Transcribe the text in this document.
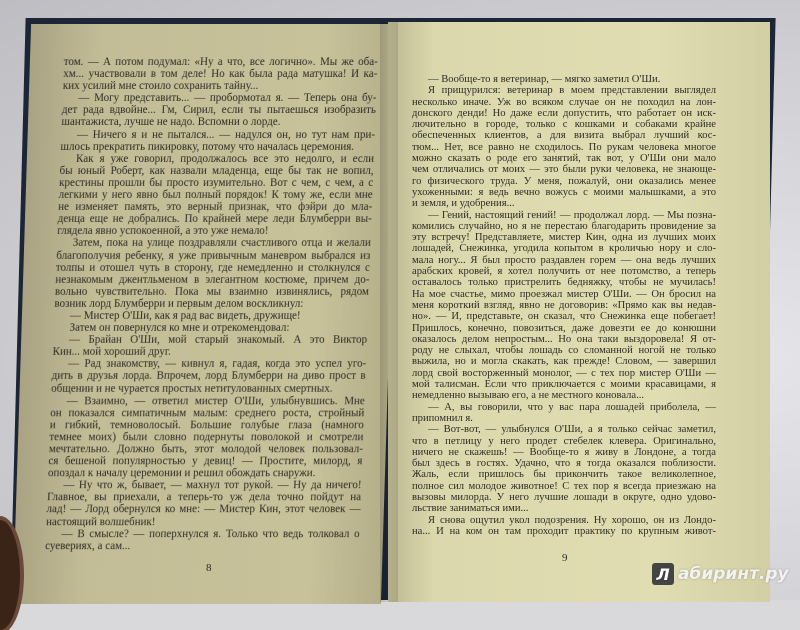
том. — А потом подумал: «Ну а что, все логично». Мы же оба-
хм... участвовали в том деле! Но как была рада матушка! И ка-
ких усилий мне стоило сохранить тайну...
— Могу представить... — пробормотал я. — Теперь она бу-
дет рада вдвойне... Гм, Сирил, если ты пытаешься изобразить
шантажиста, лучше не надо. Вспомни о лорде.
— Ничего я и не пытался... — надулся он, но тут нам при-
шлось прекратить пикировку, потому что началась церемония.
Как я уже говорил, продолжалось все это недолго, и если
бы юный Роберт, как назвали младенца, еще бы так не вопил,
крестины прошли бы просто изумительно. Вот с чем, с чем, а с
легкими у него явно был полный порядок! К тому же, если мне
не изменяет память, это верный признак, что фэйри до мла-
денца еще не добрались. По крайней мере леди Блумберри вы-
глядела явно успокоенной, а это уже немало!
Затем, пока на улице поздравляли счастливого отца и желали
благополучия ребенку, я уже привычным маневром выбрался из
толпы и отошел чуть в сторону, где немедленно и столкнулся с
незнакомым джентльменом в элегантном костюме, причем до-
вольно чувствительно. Пока мы взаимно извинялись, рядом
возник лорд Блумберри и первым делом воскликнул:
— Мистер О'Ши, как я рад вас видеть, дружище!
Затем он повернулся ко мне и отрекомендовал:
— Брайан О'Ши, мой старый знакомый. А это Виктор
Кин... мой хороший друг.
— Рад знакомству, — кивнул я, гадая, когда это успел уго-
дить в друзья лорда. Впрочем, лорд Блумберри на диво прост в
общении и не чурается простых нетитулованных смертных.
— Взаимно, — ответил мистер О'Ши, улыбнувшись. Мне
он показался симпатичным малым: среднего роста, стройный
и гибкий, темноволосый. Большие голубые глаза (намного
темнее моих) были словно подернуты поволокой и смотрели
мечтательно. Должно быть, этот молодой человек пользовал-
ся бешеной популярностью у девиц! — Простите, милорд, я
опоздал к началу церемонии и решил обождать снаружи.
— Ну что ж, бывает, — махнул тот рукой. — Ну да ничего!
Главное, вы приехали, а теперь-то уж дела точно пойдут на
лад! — Лорд обернулся ко мне: — Мистер Кин, этот человек —
настоящий волшебник!
— В смысле? — поперхнулся я. Только что ведь толковал о
суевериях, а сам...
— Вообще-то я ветеринар, — мягко заметил О'Ши.
Я прищурился: ветеринар в моем представлении выглядел
несколько иначе. Уж во всяком случае он не походил на лон-
донского денди! Но даже если допустить, что работает он иск-
лючительно в городе, только с кошками и собаками крайне
обеспеченных клиентов, а для визита выбрал лучший кос-
тюм... Нет, все равно не сходилось. По рукам человека многое
можно сказать о роде его занятий, так вот, у О'Ши они мало
чем отличались от моих — это были руки человека, не знающе-
го физического труда. У меня, пожалуй, они оказались менее
ухоженными: я ведь вечно вожусь с моими малышками, а это
и земля, и удобрения...
— Гений, настоящий гений! — продолжал лорд. — Мы позна-
комились случайно, но я не перестаю благодарить провидение за
эту встречу! Представляете, мистер Кин, одна из лучших моих
лошадей, Снежинка, угодила копытом в кроличью нору и сло-
мала ногу... Я был просто раздавлен горем — она ведь лучших
арабских кровей, я хотел получить от нее потомство, а теперь
оставалось только пристрелить бедняжку, чтобы не мучилась!
На мое счастье, мимо проезжал мистер О'Ши. — Он бросил на
меня короткий взгляд, явно не договорив: «Прямо как вы недав-
но». — И, представьте, он сказал, что Снежинка еще побегает!
Пришлось, конечно, повозиться, даже довезти ее до конюшни
оказалось делом непростым... Но она таки выздоровела! Я от-
роду не слыхал, чтобы лошадь со сломанной ногой не только
выжила, но и могла скакать, как прежде! Словом, — завершил
лорд свой восторженный монолог, — с тех пор мистер О'Ши —
мой талисман. Если что приключается с моими красавицами, я
немедленно вызываю его, а не местного коновала...
— А, вы говорили, что у вас пара лошадей приболела, —
припомнил я.
— Вот-вот, — улыбнулся О'Ши, а я только сейчас заметил,
что в петлицу у него продет стебелек клевера. Оригинально,
ничего не скажешь! — Вообще-то я живу в Лондоне, а тогда
был здесь в гостях. Удачно, что я тогда оказался поблизости.
Жаль, если пришлось бы прикончить такое великолепное,
полное сил молодое животное! С тех пор я всегда приезжаю на
вызовы милорда. У него лучшие лошади в округе, одно удово-
льствие заниматься ими...
Я снова ощутил укол подозрения. Ну хорошо, он из Лондо-
на... И на ком он там проходит практику по крупным живот-
8
9
Л абиринт.ру
